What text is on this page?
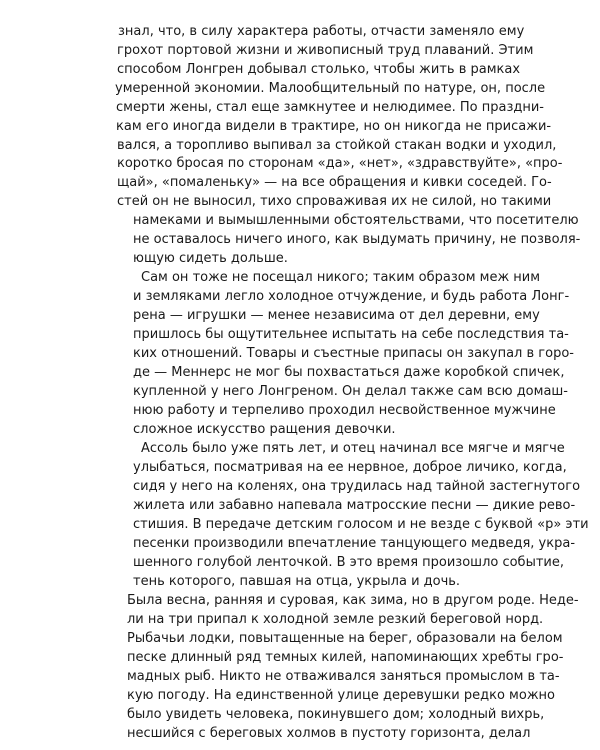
знал, что, в силу характера работы, отчасти заменяло ему
грохот портовой жизни и живописный труд плаваний. Этим
способом Лонгрен добывал столько, чтобы жить в рамках
умеренной экономии. Малообщительный по натуре, он, после
смерти жены, стал еще замкнутее и нелюдимее. По праздни-
кам его иногда видели в трактире, но он никогда не присажи-
вался, а торопливо выпивал за стойкой стакан водки и уходил,
коротко бросая по сторонам «да», «нет», «здравствуйте», «про-
щай», «помаленьку» — на все обращения и кивки соседей. Го-
стей он не выносил, тихо спроваживая их не силой, но такими
намеками и вымышленными обстоятельствами, что посетителю
не оставалось ничего иного, как выдумать причину, не позволя-
ющую сидеть дольше.
Сам он тоже не посещал никого; таким образом меж ним
и земляками легло холодное отчуждение, и будь работа Лонг-
рена — игрушки — менее независима от дел деревни, ему
пришлось бы ощутительнее испытать на себе последствия та-
ких отношений. Товары и съестные припасы он закупал в горо-
де — Меннерс не мог бы похвастаться даже коробкой спичек,
купленной у него Лонгреном. Он делал также сам всю домаш-
нюю работу и терпеливо проходил несвойственное мужчине
сложное искусство ращения девочки.
Ассоль было уже пять лет, и отец начинал все мягче и мягче
улыбаться, посматривая на ее нервное, доброе личико, когда,
сидя у него на коленях, она трудилась над тайной застегнутого
жилета или забавно напевала матросские песни — дикие рево-
стишия. В передаче детским голосом и не везде с буквой «р» эти
песенки производили впечатление танцующего медведя, укра-
шенного голубой ленточкой. В это время произошло событие,
тень которого, павшая на отца, укрыла и дочь.
Была весна, ранняя и суровая, как зима, но в другом роде. Неде-
ли на три припал к холодной земле резкий береговой норд.
Рыбачьи лодки, повытащенные на берег, образовали на белом
песке длинный ряд темных килей, напоминающих хребты гро-
мадных рыб. Никто не отваживался заняться промыслом в та-
кую погоду. На единственной улице деревушки редко можно
было увидеть человека, покинувшего дом; холодный вихрь,
несшийся с береговых холмов в пустоту горизонта, делал
